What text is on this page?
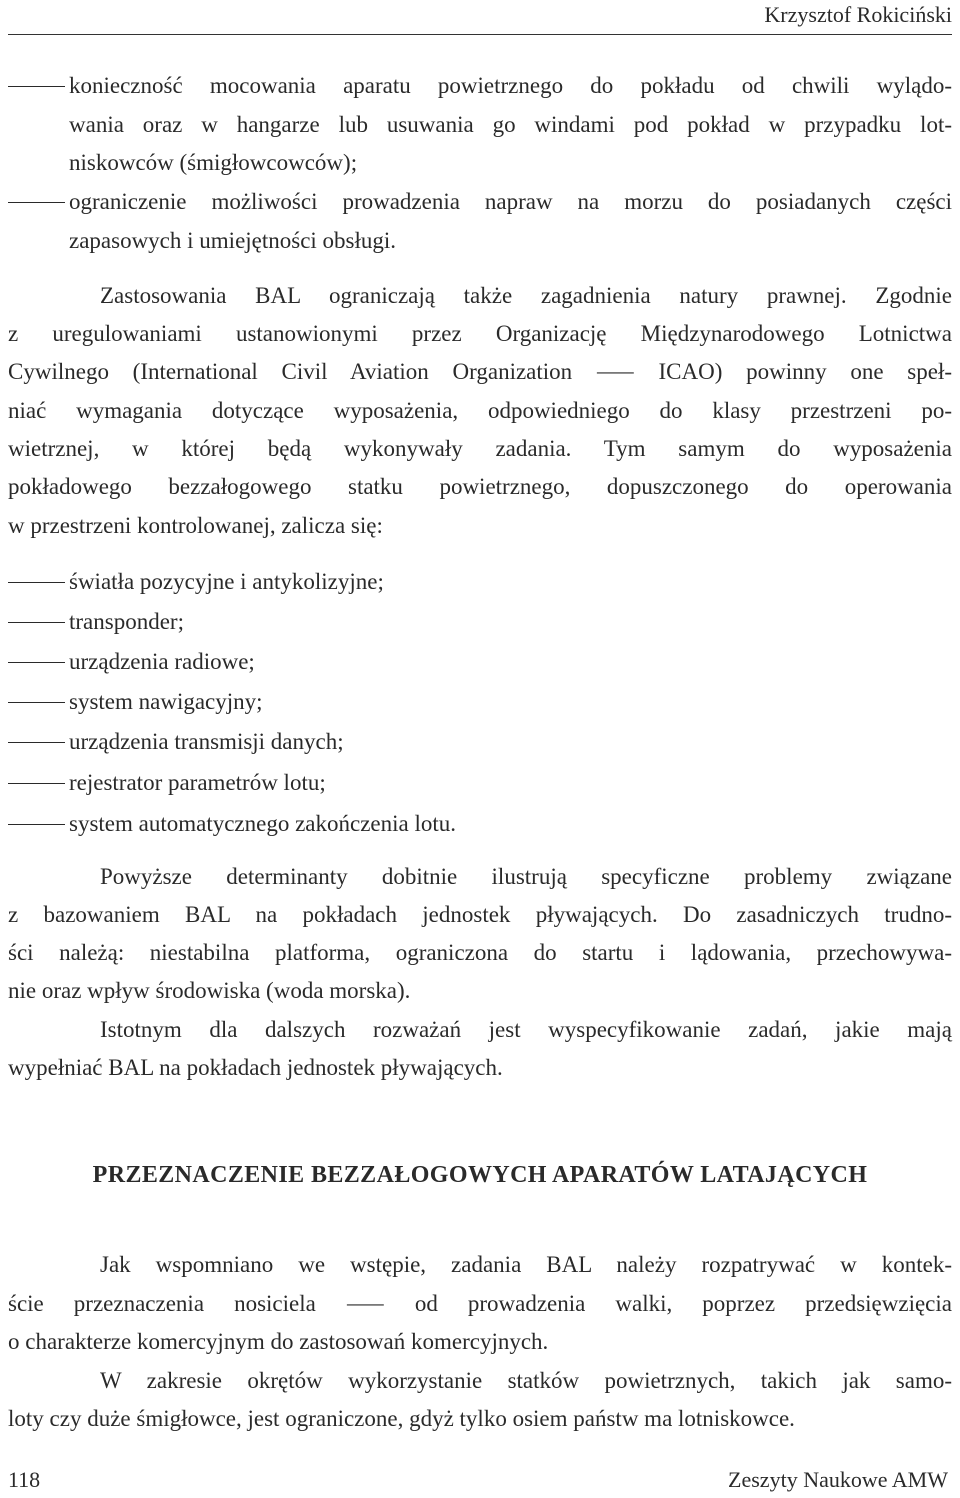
Krzysztof Rokiciński
konieczność mocowania aparatu powietrznego do pokładu od chwili wylądo-
wania oraz w hangarze lub usuwania go windami pod pokład w przypadku lot-
niskowców (śmigłowcowców);
ograniczenie możliwości prowadzenia napraw na morzu do posiadanych części
zapasowych i umiejętności obsługi.
Zastosowania BAL ograniczają także zagadnienia natury prawnej. Zgodnie
z uregulowaniami ustanowionymi przez Organizację Międzynarodowego Lotnictwa
Cywilnego (International Civil Aviation Organization ⸺ ICAO) powinny one speł-
niać wymagania dotyczące wyposażenia, odpowiedniego do klasy przestrzeni po-
wietrznej, w której będą wykonywały zadania. Tym samym do wyposażenia
pokładowego bezzałogowego statku powietrznego, dopuszczonego do operowania
w przestrzeni kontrolowanej, zalicza się:
światła pozycyjne i antykolizyjne;
transponder;
urządzenia radiowe;
system nawigacyjny;
urządzenia transmisji danych;
rejestrator parametrów lotu;
system automatycznego zakończenia lotu.
Powyższe determinanty dobitnie ilustrują specyficzne problemy związane
z bazowaniem BAL na pokładach jednostek pływających. Do zasadniczych trudno-
ści należą: niestabilna platforma, ograniczona do startu i lądowania, przechowywa-
nie oraz wpływ środowiska (woda morska).
Istotnym dla dalszych rozważań jest wyspecyfikowanie zadań, jakie mają
wypełniać BAL na pokładach jednostek pływających.
PRZEZNACZENIE BEZZAŁOGOWYCH APARATÓW LATAJĄCYCH
Jak wspomniano we wstępie, zadania BAL należy rozpatrywać w kontek-
ście przeznaczenia nosiciela ⸺ od prowadzenia walki, poprzez przedsięwzięcia
o charakterze komercyjnym do zastosowań komercyjnych.
W zakresie okrętów wykorzystanie statków powietrznych, takich jak samo-
loty czy duże śmigłowce, jest ograniczone, gdyż tylko osiem państw ma lotniskowce.
118	Zeszyty Naukowe AMW
